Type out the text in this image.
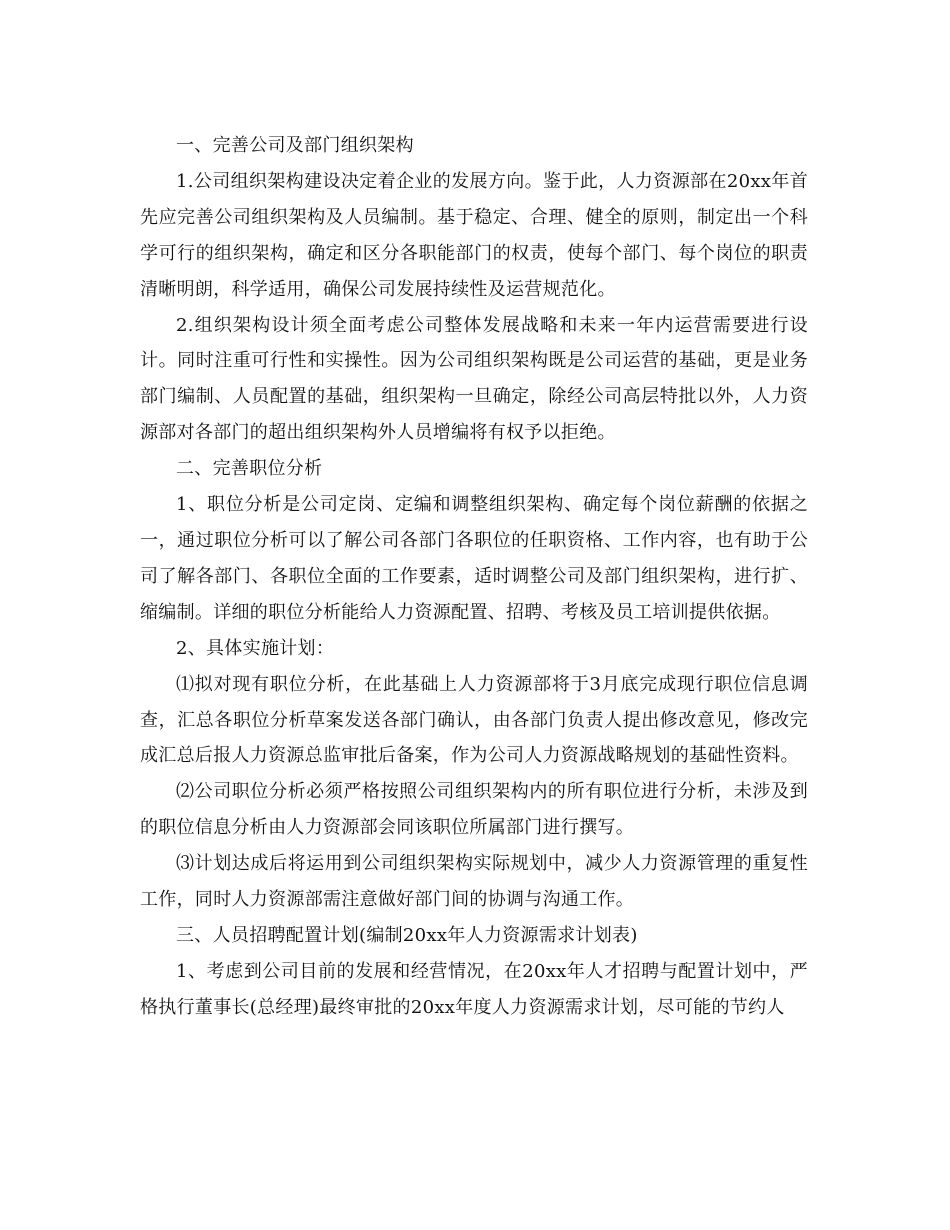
一、完善公司及部门组织架构

1.公司组织架构建设决定着企业的发展方向。鉴于此，人力资源部在20xx年首先应完善公司组织架构及人员编制。基于稳定、合理、健全的原则，制定出一个科学可行的组织架构，确定和区分各职能部门的权责，使每个部门、每个岗位的职责清晰明朗，科学适用，确保公司发展持续性及运营规范化。

2.组织架构设计须全面考虑公司整体发展战略和未来一年内运营需要进行设计。同时注重可行性和实操性。因为公司组织架构既是公司运营的基础，更是业务部门编制、人员配置的基础，组织架构一旦确定，除经公司高层特批以外，人力资源部对各部门的超出组织架构外人员增编将有权予以拒绝。

二、完善职位分析

1、职位分析是公司定岗、定编和调整组织架构、确定每个岗位薪酬的依据之一，通过职位分析可以了解公司各部门各职位的任职资格、工作内容，也有助于公司了解各部门、各职位全面的工作要素，适时调整公司及部门组织架构，进行扩、缩编制。详细的职位分析能给人力资源配置、招聘、考核及员工培训提供依据。

2、具体实施计划：

⑴拟对现有职位分析，在此基础上人力资源部将于3月底完成现行职位信息调查，汇总各职位分析草案发送各部门确认，由各部门负责人提出修改意见，修改完成汇总后报人力资源总监审批后备案，作为公司人力资源战略规划的基础性资料。

⑵公司职位分析必须严格按照公司组织架构内的所有职位进行分析，未涉及到的职位信息分析由人力资源部会同该职位所属部门进行撰写。

⑶计划达成后将运用到公司组织架构实际规划中，减少人力资源管理的重复性工作，同时人力资源部需注意做好部门间的协调与沟通工作。

三、人员招聘配置计划(编制20xx年人力资源需求计划表)

1、考虑到公司目前的发展和经营情况，在20xx年人才招聘与配置计划中，严格执行董事长(总经理)最终审批的20xx年度人力资源需求计划，尽可能的节约人
